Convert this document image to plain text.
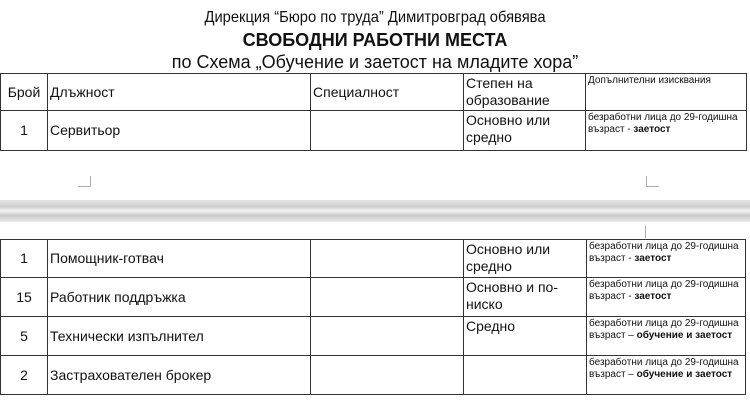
Дирекция “Бюро по труда” Димитровград обявява
СВОБОДНИ РАБОТНИ МЕСТА
по Схема „Обучение и заетост на младите хора”
Брой	Длъжност	Специалност	Степен на образование	Допълнителни изисквания
1	Сервитьор		Основно или средно	безработни лица до 29-годишна възраст - заетост
1	Помощник-готвач		Основно или средно	безработни лица до 29-годишна възраст - заетост
15	Работник поддръжка		Основно и по-ниско	безработни лица до 29-годишна възраст - заетост
5	Технически изпълнител		Средно	безработни лица до 29-годишна възраст – обучение и заетост
2	Застрахователен брокер			безработни лица до 29-годишна възраст – обучение и заетост
